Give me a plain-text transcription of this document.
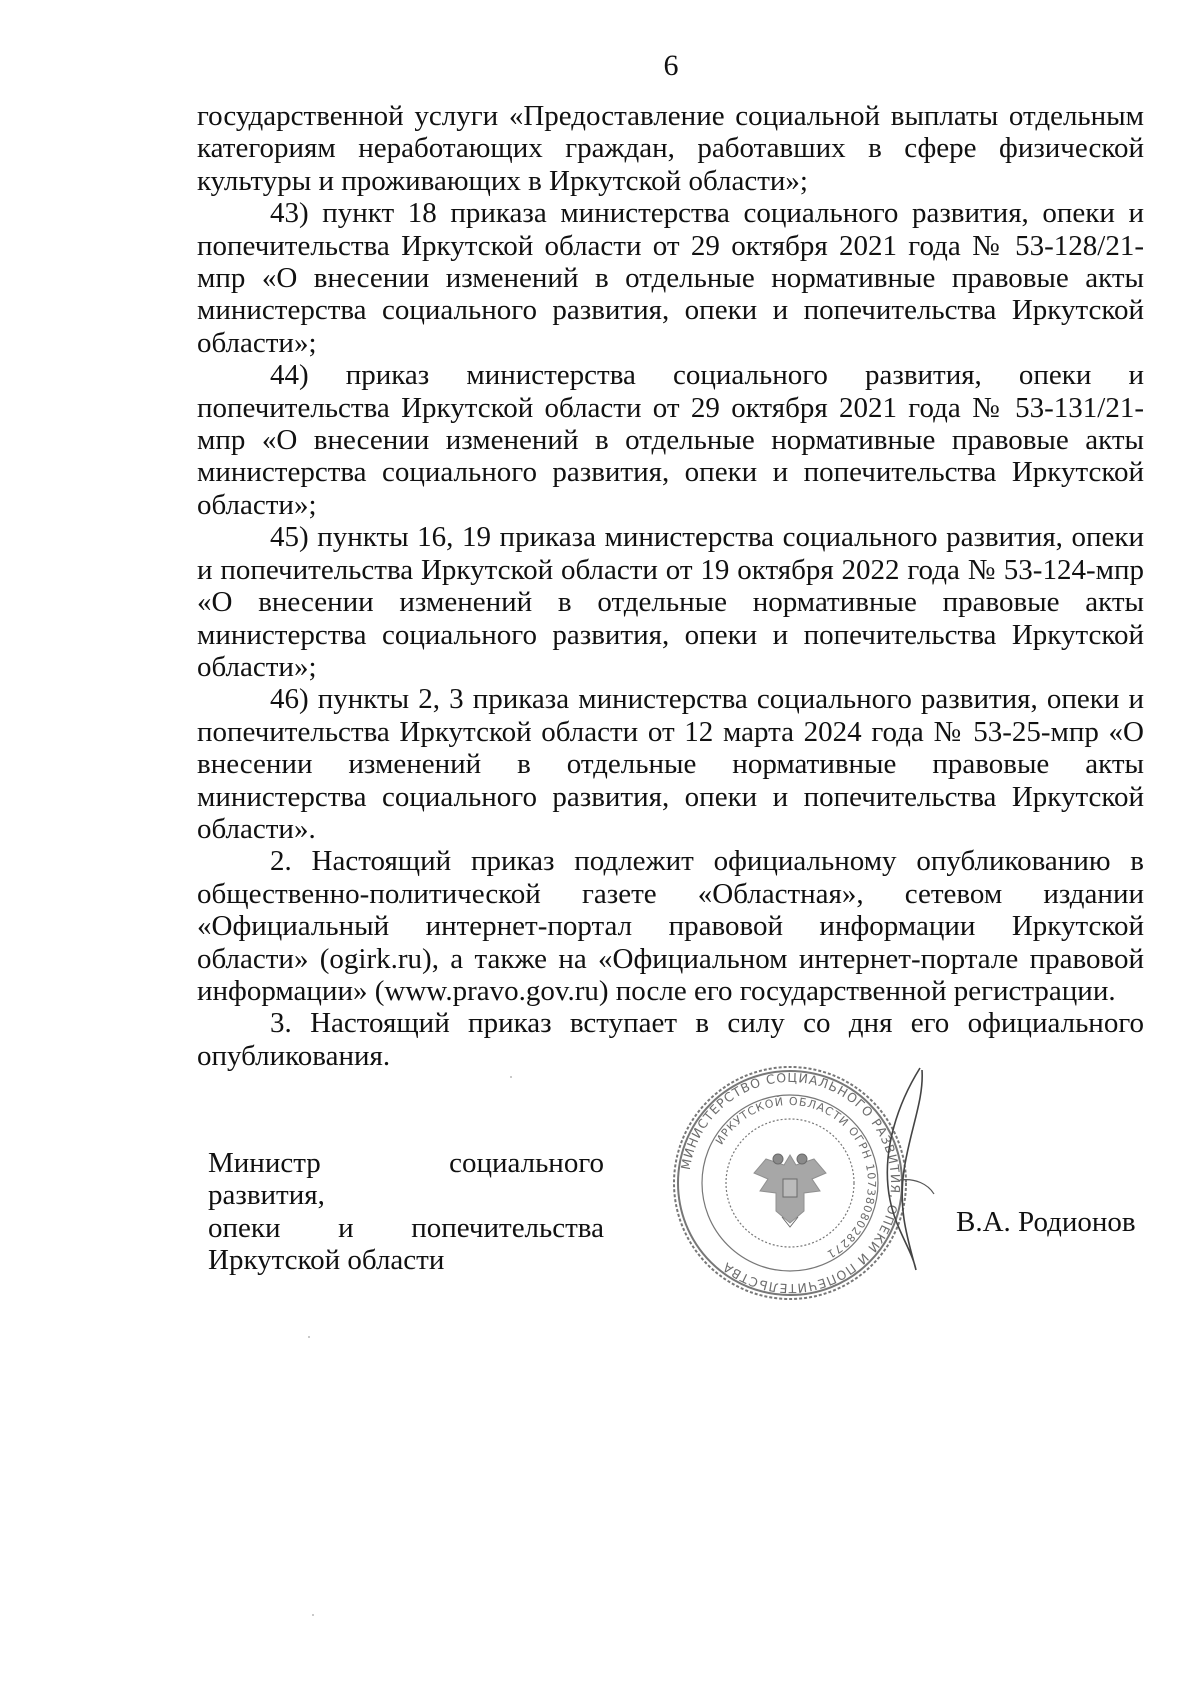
6

государственной услуги «Предоставление социальной выплаты отдельным категориям неработающих граждан, работавших в сфере физической культуры и проживающих в Иркутской области»;

43) пункт 18 приказа министерства социального развития, опеки и попечительства Иркутской области от 29 октября 2021 года № 53-128/21-мпр «О внесении изменений в отдельные нормативные правовые акты министерства социального развития, опеки и попечительства Иркутской области»;

44) приказ министерства социального развития, опеки и попечительства Иркутской области от 29 октября 2021 года № 53-131/21-мпр «О внесении изменений в отдельные нормативные правовые акты министерства социального развития, опеки и попечительства Иркутской области»;

45) пункты 16, 19 приказа министерства социального развития, опеки и попечительства Иркутской области от 19 октября 2022 года № 53-124-мпр «О внесении изменений в отдельные нормативные правовые акты министерства социального развития, опеки и попечительства Иркутской области»;

46) пункты 2, 3 приказа министерства социального развития, опеки и попечительства Иркутской области от 12 марта 2024 года № 53-25-мпр «О внесении изменений в отдельные нормативные правовые акты министерства социального развития, опеки и попечительства Иркутской области».

2. Настоящий приказ подлежит официальному опубликованию в общественно-политической газете «Областная», сетевом издании «Официальный интернет-портал правовой информации Иркутской области» (ogirk.ru), а также на «Официальном интернет-портале правовой информации» (www.pravo.gov.ru) после его государственной регистрации.

3. Настоящий приказ вступает в силу со дня его официального опубликования.

Министр социального развития,
опеки и попечительства
Иркутской области
МИНИСТЕРСТВО СОЦИАЛЬНОГО РАЗВИТИЯ, ОПЕКИ И ПОПЕЧИТЕЛЬСТВА
ИРКУТСКОЙ ОБЛАСТИ ОГРН 1073808028271
В.А. Родионов
